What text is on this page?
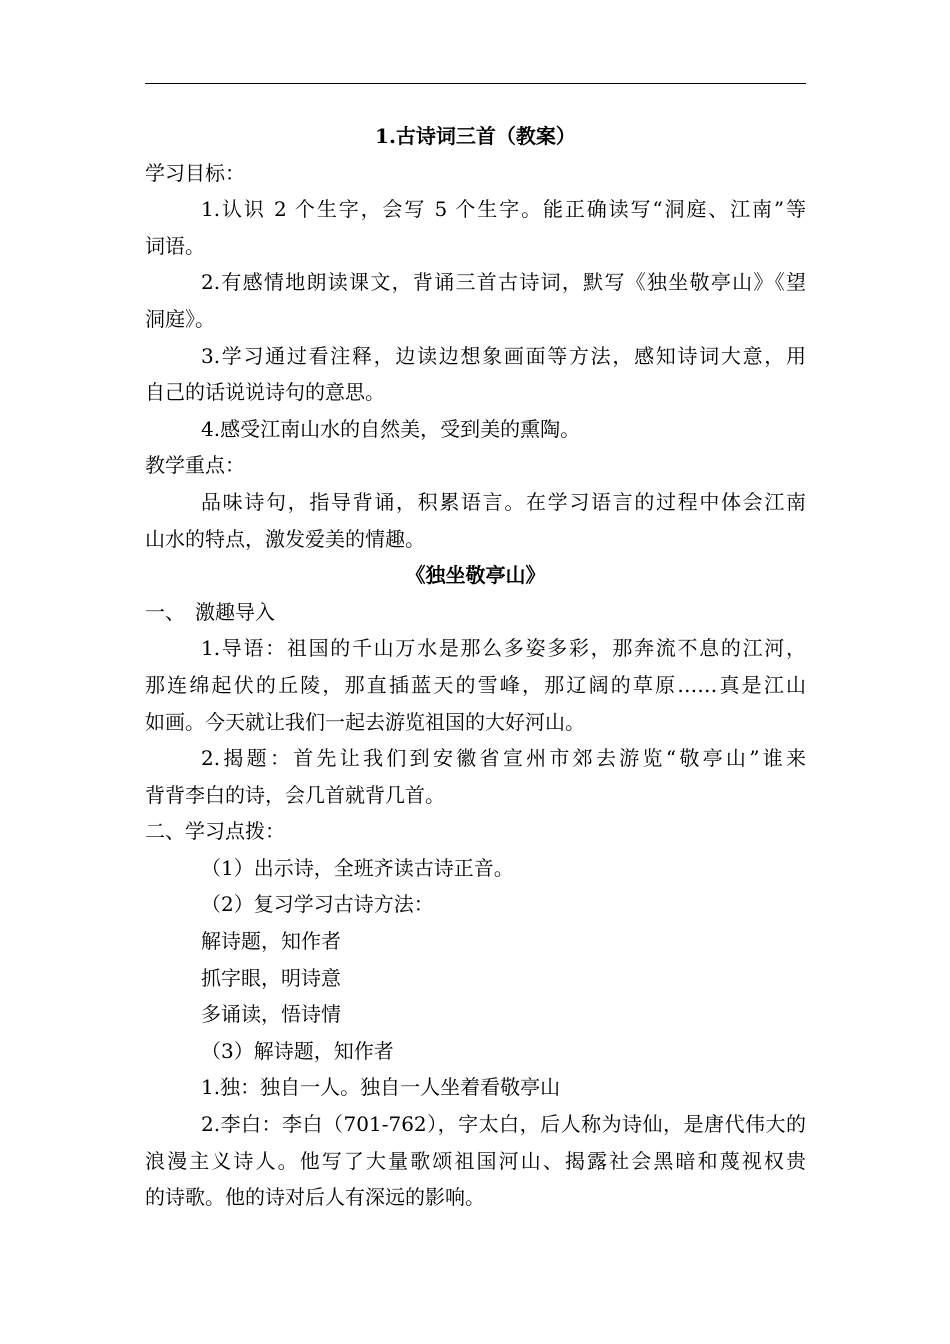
1.古诗词三首（教案）
学习目标：
1.认识 2 个生字，会写 5 个生字。能正确读写“洞庭、江南”等
词语。
2.有感情地朗读课文，背诵三首古诗词，默写《独坐敬亭山》《望
洞庭》。
3.学习通过看注释，边读边想象画面等方法，感知诗词大意，用
自己的话说说诗句的意思。
4.感受江南山水的自然美，受到美的熏陶。
教学重点：
品味诗句，指导背诵，积累语言。在学习语言的过程中体会江南
山水的特点，激发爱美的情趣。
《独坐敬亭山》
一、　激趣导入
1.导语：祖国的千山万水是那么多姿多彩，那奔流不息的江河，
那连绵起伏的丘陵，那直插蓝天的雪峰，那辽阔的草原……真是江山
如画。今天就让我们一起去游览祖国的大好河山。
2.揭题：首先让我们到安徽省宣州市郊去游览“敬亭山”谁来
背背李白的诗，会几首就背几首。
二、学习点拨：
（1）出示诗，全班齐读古诗正音。
（2）复习学习古诗方法：
解诗题，知作者
抓字眼，明诗意
多诵读，悟诗情
（3）解诗题，知作者
1.独：独自一人。独自一人坐着看敬亭山
2.李白：李白（701-762），字太白，后人称为诗仙，是唐代伟大的
浪漫主义诗人。他写了大量歌颂祖国河山、揭露社会黑暗和蔑视权贵
的诗歌。他的诗对后人有深远的影响。
